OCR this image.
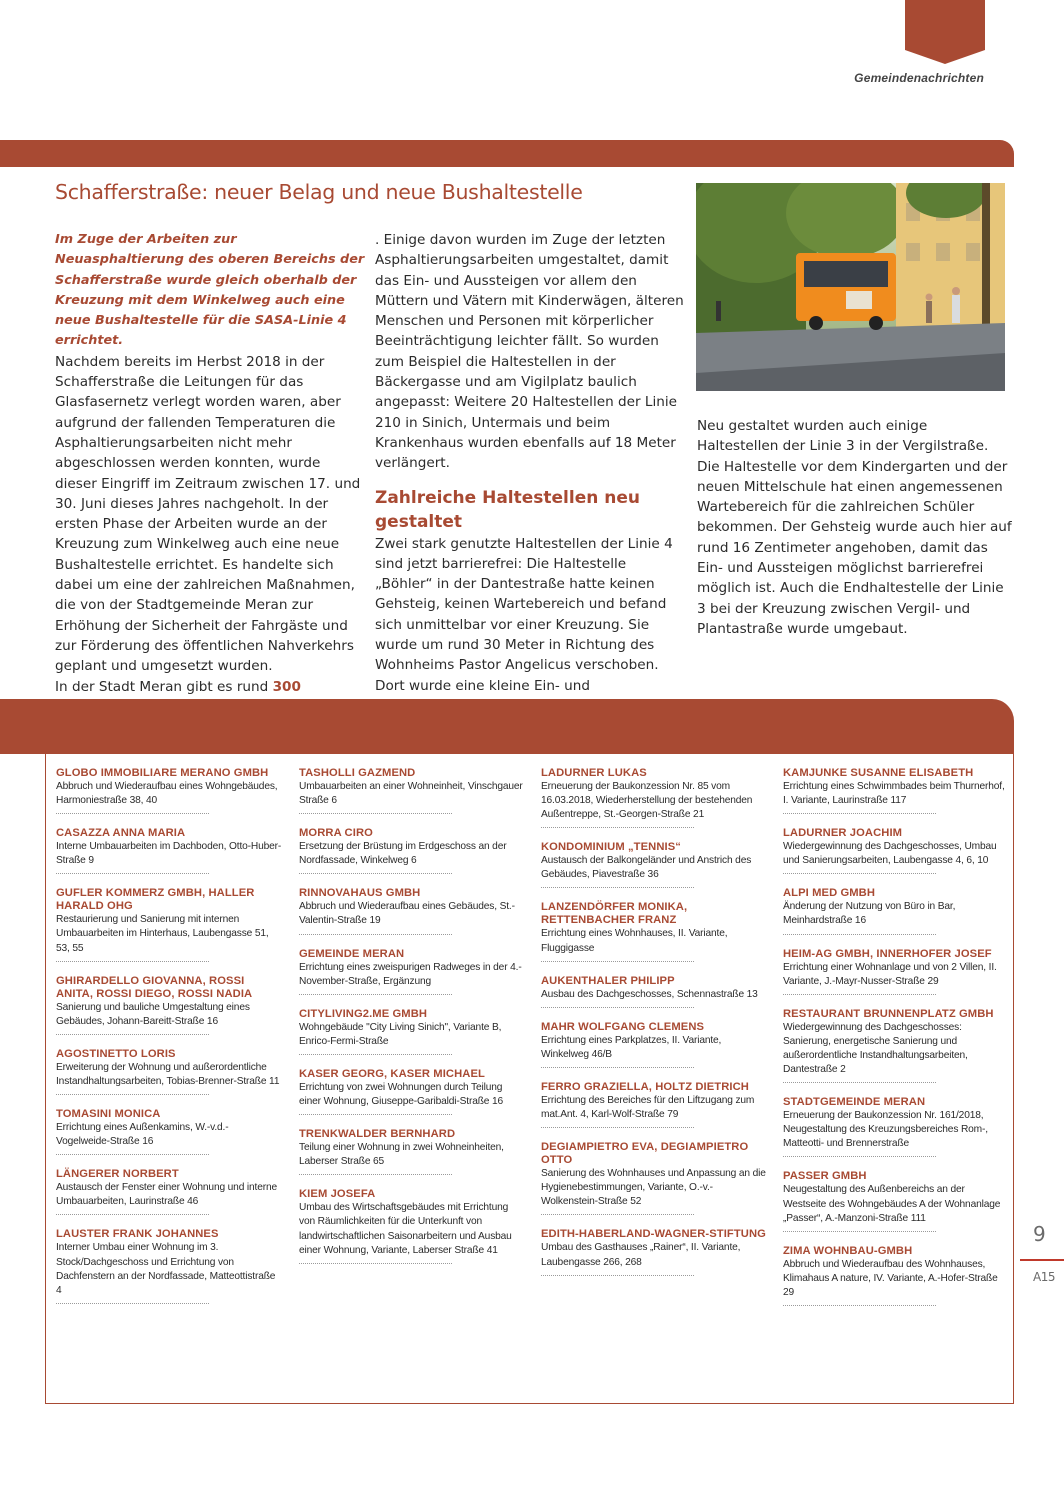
Gemeindenachrichten
Schafferstraße: neuer Belag und neue Bushaltestelle

Im Zuge der Arbeiten zur Neuasphaltierung des oberen Bereichs der Schafferstraße wurde gleich oberhalb der Kreuzung mit dem Winkelweg auch eine neue Bushaltestelle für die SASA-Linie 4 errichtet.

Nachdem bereits im Herbst 2018 in der Schafferstraße die Leitungen für das Glasfasernetz verlegt worden waren, aber aufgrund der fallenden Temperaturen die Asphaltierungsarbeiten nicht mehr abgeschlossen werden konnten, wurde dieser Eingriff im Zeitraum zwischen 17. und 30. Juni dieses Jahres nachgeholt. In der ersten Phase der Arbeiten wurde an der Kreuzung zum Winkelweg auch eine neue Bushaltestelle errichtet. Es handelte sich dabei um eine der zahlreichen Maßnahmen, die von der Stadtgemeinde Meran zur Erhöhung der Sicherheit der Fahrgäste und zur Förderung des öffentlichen Nahverkehrs geplant und umgesetzt wurden.

In der Stadt Meran gibt es rund 300

. Einige davon wurden im Zuge der letzten Asphaltierungsarbeiten umgestaltet, damit das Ein- und Aussteigen vor allem den Müttern und Vätern mit Kinderwägen, älteren Menschen und Personen mit körperlicher Beeinträchtigung leichter fällt. So wurden zum Beispiel die Haltestellen in der Bäckergasse und am Vigilplatz baulich angepasst: Weitere 20 Haltestellen der Linie 210 in Sinich, Untermais und beim Krankenhaus wurden ebenfalls auf 18 Meter verlängert.

Zahlreiche Haltestellen neu gestaltet

Zwei stark genutzte Haltestellen der Linie 4 sind jetzt barrierefrei: Die Haltestelle „Böhler“ in der Dantestraße hatte keinen Gehsteig, keinen Wartebereich und befand sich unmittelbar vor einer Kreuzung. Sie wurde um rund 30 Meter in Richtung des Wohnheims Pastor Angelicus verschoben. Dort wurde eine kleine Ein- und

Neu gestaltet wurden auch einige Haltestellen der Linie 3 in der Vergilstraße. Die Haltestelle vor dem Kindergarten und der neuen Mittelschule hat einen angemessenen Wartebereich für die zahlreichen Schüler bekommen. Der Gehsteig wurde auch hier auf rund 16 Zentimeter angehoben, damit das Ein- und Aussteigen möglichst barrierefrei möglich ist. Auch die Endhaltestelle der Linie 3 bei der Kreuzung zwischen Vergil- und Plantastraße wurde umgebaut.

GLOBO IMMOBILIARE MERANO GMBH
Abbruch und Wiederaufbau eines Wohngebäudes, Harmoniestraße 38, 40
CASAZZA ANNA MARIA
Interne Umbauarbeiten im Dachboden, Otto-Huber-Straße 9
GUFLER KOMMERZ GMBH, HALLER HARALD OHG
Restaurierung und Sanierung mit internen Umbauarbeiten im Hinterhaus, Laubengasse 51, 53, 55
GHIRARDELLO GIOVANNA, ROSSI ANITA, ROSSI DIEGO, ROSSI NADIA
Sanierung und bauliche Umgestaltung eines Gebäudes, Johann-Bareitt-Straße 16
AGOSTINETTO LORIS
Erweiterung der Wohnung und außerordentliche Instandhaltungsarbeiten, Tobias-Brenner-Straße 11
TOMASINI MONICA
Errichtung eines Außenkamins, W.-v.d.-Vogelweide-Straße 16
LÄNGERER NORBERT
Austausch der Fenster einer Wohnung und interne Umbauarbeiten, Laurinstraße 46
LAUSTER FRANK JOHANNES
Interner Umbau einer Wohnung im 3. Stock/Dachgeschoss und Errichtung von Dachfenstern an der Nordfassade, Matteottistraße 4
TASHOLLI GAZMEND
Umbauarbeiten an einer Wohneinheit, Vinschgauer Straße 6
MORRA CIRO
Ersetzung der Brüstung im Erdgeschoss an der Nordfassade, Winkelweg 6
RINNOVAHAUS GMBH
Abbruch und Wiederaufbau eines Gebäudes, St.-Valentin-Straße 19
GEMEINDE MERAN
Errichtung eines zweispurigen Radweges in der 4.-November-Straße, Ergänzung
CITYLIVING2.ME GMBH
Wohngebäude "City Living Sinich", Variante B, Enrico-Fermi-Straße
KASER GEORG, KASER MICHAEL
Errichtung von zwei Wohnungen durch Teilung einer Wohnung, Giuseppe-Garibaldi-Straße 16
TRENKWALDER BERNHARD
Teilung einer Wohnung in zwei Wohneinheiten, Laberser Straße 65
KIEM JOSEFA
Umbau des Wirtschaftsgebäudes mit Errichtung von Räumlichkeiten für die Unterkunft von landwirtschaftlichen Saisonarbeitern und Ausbau einer Wohnung, Variante, Laberser Straße 41
LADURNER LUKAS
Erneuerung der Baukonzession Nr. 85 vom 16.03.2018, Wiederherstellung der bestehenden Außentreppe, St.-Georgen-Straße 21
KONDOMINIUM „TENNIS“
Austausch der Balkongeländer und Anstrich des Gebäudes, Piavestraße 36
LANZENDÖRFER MONIKA, RETTENBACHER FRANZ
Errichtung eines Wohnhauses, II. Variante, Fluggigasse
AUKENTHALER PHILIPP
Ausbau des Dachgeschosses, Schennastraße 13
MAHR WOLFGANG CLEMENS
Errichtung eines Parkplatzes, II. Variante, Winkelweg 46/B
FERRO GRAZIELLA, HOLTZ DIETRICH
Errichtung des Bereiches für den Liftzugang zum mat.Ant. 4, Karl-Wolf-Straße 79
DEGIAMPIETRO EVA, DEGIAMPIETRO OTTO
Sanierung des Wohnhauses und Anpassung an die Hygienebestimmungen, Variante, O.-v.-Wolkenstein-Straße 52
EDITH-HABERLAND-WAGNER-STIFTUNG
Umbau des Gasthauses „Rainer“, II. Variante, Laubengasse 266, 268
KAMJUNKE SUSANNE ELISABETH
Errichtung eines Schwimmbades beim Thurnerhof, I. Variante, Laurinstraße 117
LADURNER JOACHIM
Wiedergewinnung des Dachgeschosses, Umbau und Sanierungsarbeiten, Laubengasse 4, 6, 10
ALPI MED GMBH
Änderung der Nutzung von Büro in Bar, Meinhardstraße 16
HEIM-AG GMBH, INNERHOFER JOSEF
Errichtung einer Wohnanlage und von 2 Villen, II. Variante, J.-Mayr-Nusser-Straße 29
RESTAURANT BRUNNENPLATZ GMBH
Wiedergewinnung des Dachgeschosses: Sanierung, energetische Sanierung und außerordentliche Instandhaltungsarbeiten, Dantestraße 2
STADTGEMEINDE MERAN
Erneuerung der Baukonzession Nr. 161/2018, Neugestaltung des Kreuzungsbereiches Rom-, Matteotti- und Brennerstraße
PASSER GMBH
Neugestaltung des Außenbereichs an der Westseite des Wohngebäudes A der Wohnanlage „Passer“, A.-Manzoni-Straße 111
ZIMA WOHNBAU-GMBH
Abbruch und Wiederaufbau des Wohnhauses, Klimahaus A nature, IV. Variante, A.-Hofer-Straße 29
9
A15
